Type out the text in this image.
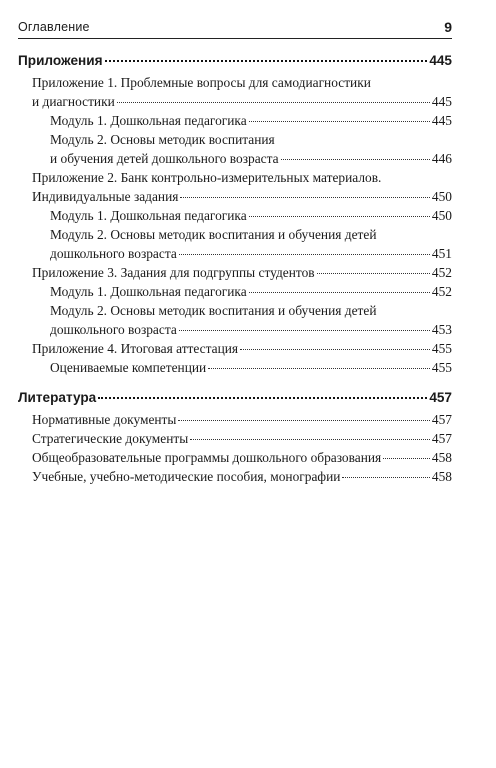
Оглавление	9
Приложения	445
Приложение 1. Проблемные вопросы для самодиагностики
и диагностики	445
Модуль 1. Дошкольная педагогика	445
Модуль 2. Основы методик воспитания
и обучения детей дошкольного возраста	446
Приложение 2. Банк контрольно-измерительных материалов.
Индивидуальные задания	450
Модуль 1. Дошкольная педагогика	450
Модуль 2. Основы методик воспитания и обучения детей
дошкольного возраста	451
Приложение 3. Задания для подгруппы студентов	452
Модуль 1. Дошкольная педагогика	452
Модуль 2. Основы методик воспитания и обучения детей
дошкольного возраста	453
Приложение 4. Итоговая аттестация	455
Оцениваемые компетенции	455
Литература	457
Нормативные документы	457
Стратегические документы	457
Общеобразовательные программы дошкольного образования	458
Учебные, учебно-методические пособия, монографии	458
